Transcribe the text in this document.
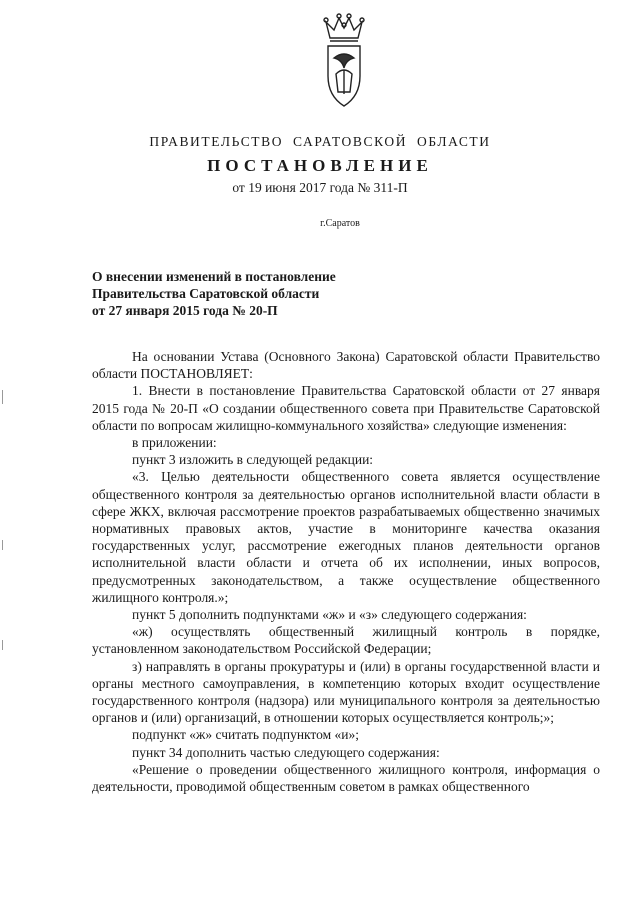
ПРАВИТЕЛЬСТВО  САРАТОВСКОЙ  ОБЛАСТИ
ПОСТАНОВЛЕНИЕ
от 19 июня 2017 года № 311-П
г.Саратов
О внесении изменений в постановление
Правительства Саратовской области
от 27 января 2015 года № 20-П

На основании Устава (Основного Закона) Саратовской области Правительство области ПОСТАНОВЛЯЕТ:

1. Внести в постановление Правительства Саратовской области от 27 января 2015 года № 20-П «О создании общественного совета при Правительстве Саратовской области по вопросам жилищно-коммунального хозяйства» следующие изменения:

в приложении:

пункт 3 изложить в следующей редакции:

«3. Целью деятельности общественного совета является осуществление общественного контроля за деятельностью органов исполнительной власти области в сфере ЖКХ, включая рассмотрение проектов разрабатываемых общественно значимых нормативных правовых актов, участие в мониторинге качества оказания государственных услуг, рассмотрение ежегодных планов деятельности органов исполнительной власти области и отчета об их исполнении, иных вопросов, предусмотренных законодательством, а также осуществление общественного жилищного контроля.»;

пункт 5 дополнить подпунктами «ж» и «з» следующего содержания:

«ж) осуществлять общественный жилищный контроль в порядке, установленном законодательством Российской Федерации;

з) направлять в органы прокуратуры и (или) в органы государственной власти и органы местного самоуправления, в компетенцию которых входит осуществление государственного контроля (надзора) или муниципального контроля за деятельностью органов и (или) организаций, в отношении которых осуществляется контроль;»;

подпункт «ж» считать подпунктом «и»;

пункт 34 дополнить частью следующего содержания:

«Решение о проведении общественного жилищного контроля, информация о деятельности, проводимой общественным советом в рамках общественного
